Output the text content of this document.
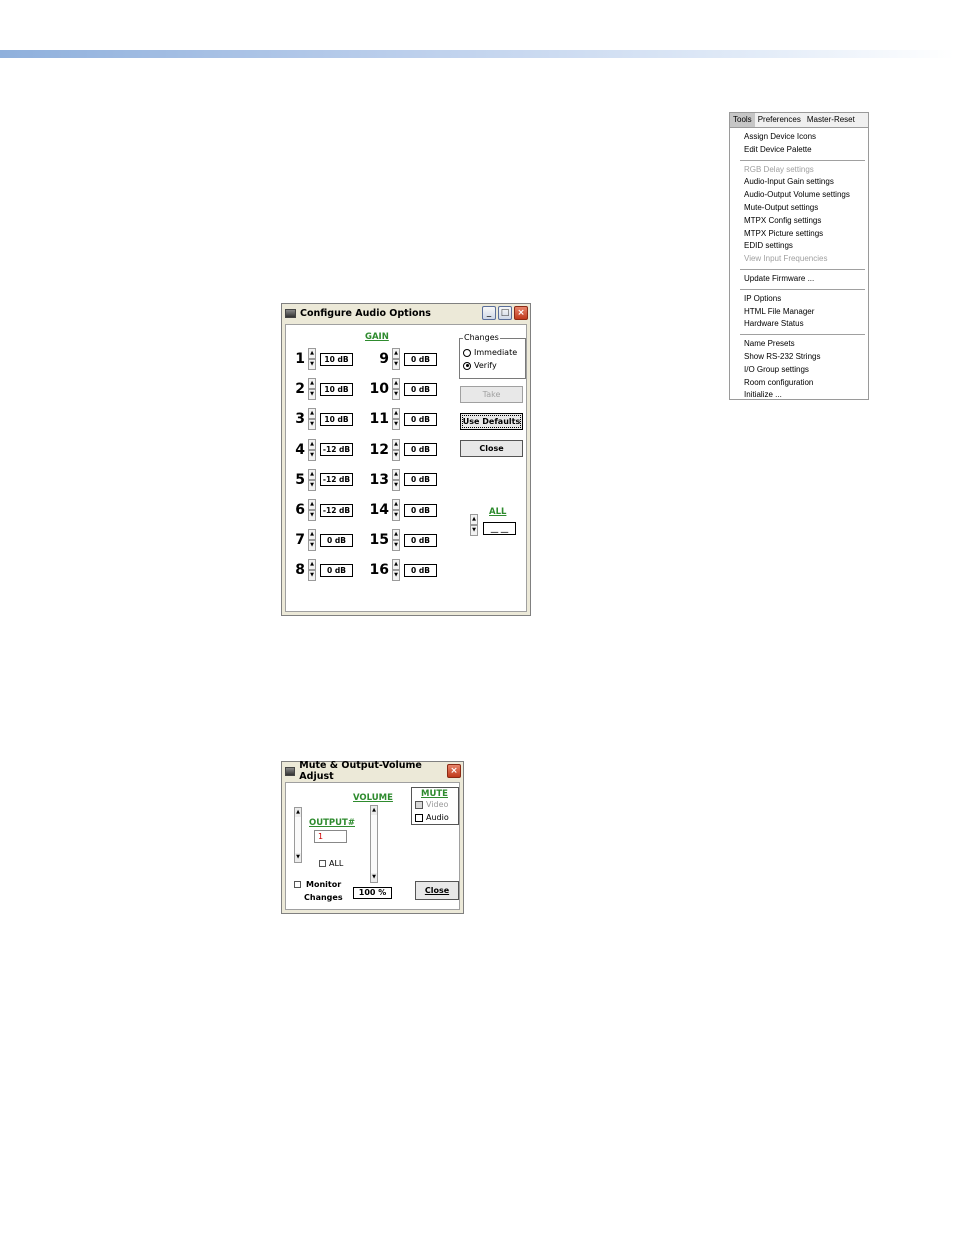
Tools Preferences Master-Reset
Assign Device Icons
Edit Device Palette
RGB Delay settings
Audio-Input Gain settings
Audio-Output Volume settings
Mute-Output settings
MTPX Config settings
MTPX Picture settings
EDID settings
View Input Frequencies
Update Firmware ...
IP Options
HTML File Manager
Hardware Status
Name Presets
Show RS-232 Strings
I/O Group settings
Room configuration
Initialize ...
Configure Audio Options	_	□ ×
GAIN
1	▲
▼
10 dB
2	▲
▼
10 dB
3	▲
▼
10 dB
4	▲
▼
-12 dB
5	▲
▼
-12 dB
6	▲
▼
-12 dB
7	▲
▼
0 dB
8	▲
▼
0 dB
9	▲
▼
0 dB
10	▲
▼
0 dB
11	▲
▼
0 dB
12	▲
▼
0 dB
13	▲
▼
0 dB
14	▲
▼
0 dB
15	▲
▼
0 dB
16	▲
▼
0 dB
Changes
Immediate
Verify
Take
Use Defaults
Close
ALL
▲
▼	__ __
Mute & Output-Volume Adjust	×
▲
▼
OUTPUT#
1
ALL
VOLUME
▲
▼
100 %
MUTE
Video
Audio
Monitor
Changes
Close
